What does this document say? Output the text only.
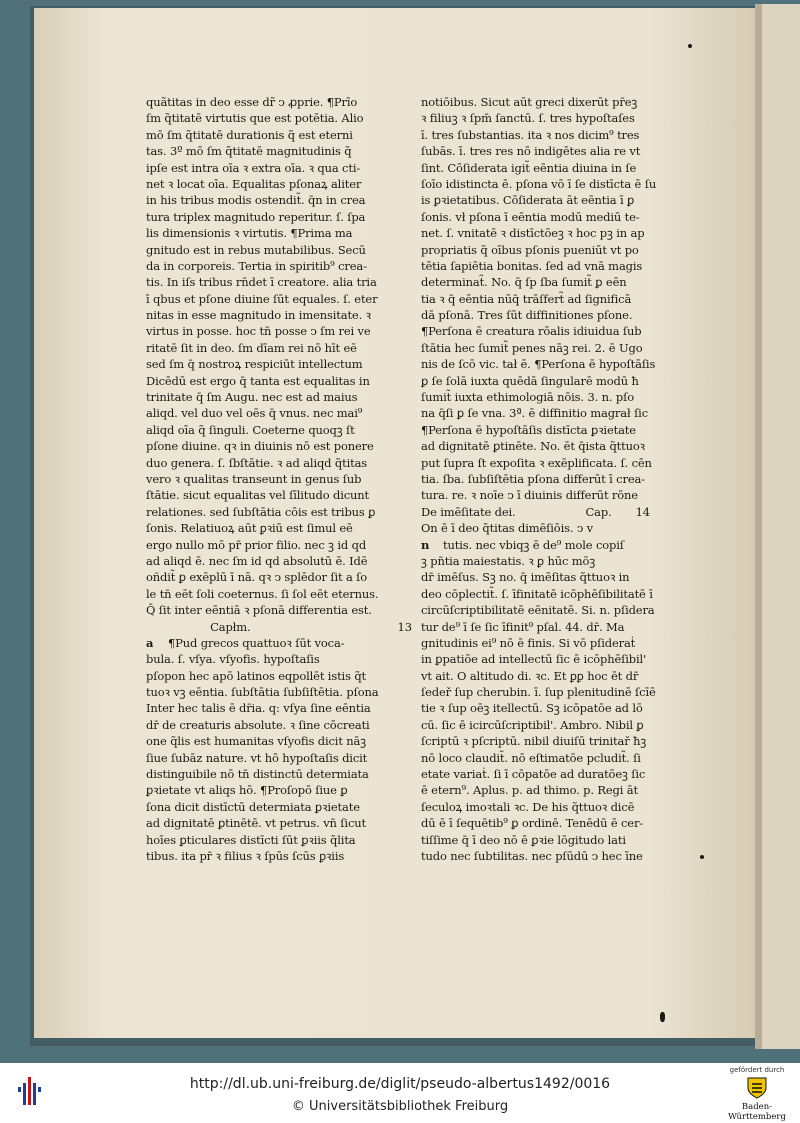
quãtitas in deo esse dr̃ ↄ ꝓprie. ¶Prīo
ſm q̃titatē virtutis que est potētia. Alio
mō ſm q̃titatē durationis q̃ est eterni
tas. 3º mō ſm q̃titatē magnitudinis q̃
ipſe est intra oīa ꝛ extra oīa. ꝛ qua cti-
net ꝛ locat oīa. Equalitas pſonaꝝ aliter
in his tribus modis ostendit̃. q̄n in crea
tura triplex magnitudo reperitur. ſ. ſpa
lis dimensionis ꝛ virtutis. ¶Prima ma
gnitudo est in rebus mutabilibus. Secū
da in corporeis. Tertia in spiritib⁹ crea-
tis. In iſs tribus rn̄det ī creatore. alia tria
ī qbus et pſone diuine ſūt equales. ſ. eter
nitas in esse magnitudo in imensitate. ꝛ
virtus in posse. hoc tn̄ posse ↄ ſm rei ve
ritatē ſit in deo. ſm dīam rei nō hīt eē
sed ſm q̄ nostroꝝ respiciūt intellectum
Dicēdū est ergo q̄ tanta est equalitas in
trinitate q̄ ſm Augu. nec est ad maius
aliqd. vel duo vel oēs q̄ vnus. nec mai⁹
aliqd oīa q̃ ſinguli. Coeterne quoqꝫ ſt
pſone diuine. qꝛ in diuinis nō est ponere
duo genera. ſ. ſbſtātie. ꝛ ad aliqd q̃titas
vero ꝛ qualitas transeunt in genus ſub
ſtātie. sicut equalitas vel ſīlitudo dicunt
relationes. sed ſubſtātia cōis est tribus ꝑ
ſonis. Relatiuoꝝ aūt ꝑꝛiū est ſimul eē
ergo nullo mō pr̄ prior filio. nec ꝫ id qd
ad aliqd ē. nec ſm id qd absolutū ē. Idē
oñdit̃ ꝑ exēplū ī nā. qꝛ ↄ splēdor ſit a ſo
le tn̄ eēt ſoli coeternus. ſi ſol eēt eternus.
Q̄ ſit inter eēntiā ꝛ pſonā differentia est.
Capłm.	13
a ¶Pud grecos quattuoꝛ ſūt voca-
bula. ſ. vſya. vſyofis. hypoſtaſis
pſopon hec apō latinos eqpollēt istis q̃t
tuoꝛ vꝫ eēntia. ſubſtātia ſubſiſtētia. pſona
Inter hec talis ē dr̄ia. q: vſya ſine eēntia
dr̄ de creaturis absolute. ꝛ ſine cōcreati
one q̃lis est humanitas vſyofis dicit nāꝫ
ſiue ſubāz nature. vt hō hypoſtaſis dicit
distinguibile nō tn̄ distinctū determiata
ꝑꝛietate vt aliqs hō. ¶Proſopō ſiue ꝑ
ſona dicit distīctū determiata ꝑꝛietate
ad dignitatē ꝑtinētē. vt petrus. vn̄ ſicut
hoīes ꝑticulares distīcti ſūt ꝑꝛiis q̃lita
tibus. ita pr̄ ꝛ filius ꝛ ſpūs ſcūs ꝑꝛiis
notiōibus. Sicut aūt greci dixerūt pr̄eꝫ
ꝛ filiuꝫ ꝛ ſpm̄ ſanctū. ſ. tres hypoſtaſes
ī. tres ſubstantias. ita ꝛ nos dicim⁹ tres
ſubās. ī. tres res nō indigētes alia re vt
ſint. Cōſiderata igit̃ eēntia diuina in ſe
ſoīo idistincta ē. pſona vō ī ſe distīcta ē ſu
is ꝑꝛietatibus. Cōſiderata āt eēntia ī ꝑ
ſonis. vł pſona ī eēntia modū mediū te-
net. ſ. vnitatē ꝛ distīctōeꝫ ꝛ hoc pꝫ in ap
propriatis q̃ oībus pſonis pueniūt vt po
tētia ſapiētia bonitas. ſed ad vnā magis
determinat̃. No. q̄ ſp ſba ſumit̃ ꝑ eēn
tia ꝛ q̄ eēntia nūq̄ trāſfert̃ ad ſignificā
dā pſonā. Tres ſūt diffinitiones pſone.
¶Perſona ē creatura rōalis idiuidua ſub
ſtātia hec ſumit̃ penes nāꝫ rei. 2. ē Ugo
nis de ſcō vic. tał ē. ¶Perſona ē hypoſtāſis
ꝑ ſe ſolā iuxta quēdā ſingularē modū ħ
ſumit̃ iuxta ethimologiā nōis. 3. n. pſo
na q̄ſi ꝑ ſe vna. 3ª. ē diffinitio magrał ſic
¶Perſona ē hypoſtāſis distīcta ꝑꝛietate
ad dignitatē ꝑtinēte. No. ēt q̄ista q̃ttuoꝛ
put ſupra ſt expoſita ꝛ exēplificata. ſ. cēn
tia. ſba. ſubſiſtētia pſona differūt ī crea-
tura. re. ꝛ noīe ↄ ī diuinis differūt rōne
De imēſitate dei.	Cap. 14
On ē ī deo q̃titas dimēſiōis. ↄ v
n tutis. nec vbiqꝫ ē de⁹ mole copiſ
ꝫ pn̄tia maiestatis. ꝛ ꝑ hūc mōꝫ
dr̄ imēſus. Sꝫ no. q̄ imēſitas q̃ttuoꝛ in
deo cōplectit̃. ſ. īfinitatē icōphēſibilitatē ī
circūſcriptibilitatē eēnitatē. Si. n. pſidera
tur de⁹ ī ſe ſic īfinit⁹ pſal. 44. dr̄. Ma
gnitudinis ei⁹ nō ē finis. Si vō pſideraṫ
in ꝑpatiōe ad intellectū ſic ē icōphēſibil'
vt ait. O altitudo di. ꝛc. Et ꝑꝑ hoc ēt dr̄
ſedeř ſup cherubin. ī. ſup plenitudinē ſcīē
tie ꝛ ſup oēꝫ itellectū. Sꝫ icōpatōe ad lō
cū. ſic ē icircūſcriptibil'. Ambro. Nibil ꝑ
ſcriptū ꝛ pſcriptū. nibil diuiſū trinitař ħꝫ
nō loco claudit̃. nō eſtimatōe pcludit̃. ſi
etate variaṫ. ſi ī cōpatōe ad duratōeꝫ ſic
ē etern⁹. Aplus. p. ad thimo. p. Regi āt
ſeculoꝝ imoꝛtali ꝛc. De his q̃ttuoꝛ dicē
dū ē ī ſequētib⁹ ꝑ ordinē. Tenēdū ē cer-
tiſſime q̄ ī deo nō ē ꝑꝛie lōgitudo lati
tudo nec ſubtilitas. nec pſūdū ↄ hec īne
http://dl.ub.uni-freiburg.de/diglit/pseudo-albertus1492/0016
© Universitätsbibliothek Freiburg
gefördert durch
Baden-Württemberg
